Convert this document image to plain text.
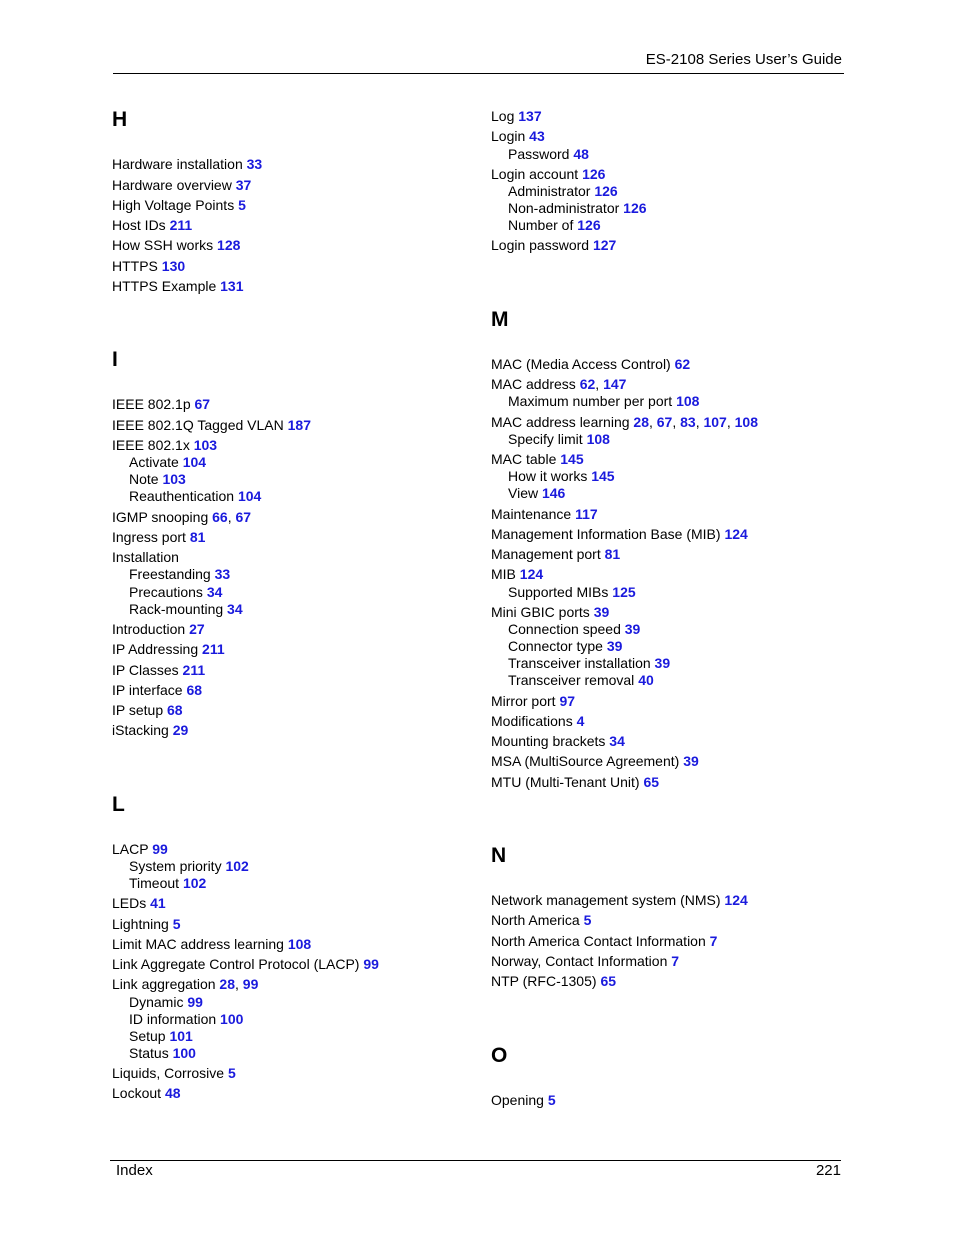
ES-2108 Series User’s Guide
H
Hardware installation 33
Hardware overview 37
High Voltage Points 5
Host IDs 211
How SSH works 128
HTTPS 130
HTTPS Example 131
I
IEEE 802.1p 67
IEEE 802.1Q Tagged VLAN 187
IEEE 802.1x 103
Activate 104
Note 103
Reauthentication 104
IGMP snooping 66, 67
Ingress port 81
Installation
Freestanding 33
Precautions 34
Rack-mounting 34
Introduction 27
IP Addressing 211
IP Classes 211
IP interface 68
IP setup 68
iStacking 29
L
LACP 99
System priority 102
Timeout 102
LEDs 41
Lightning 5
Limit MAC address learning 108
Link Aggregate Control Protocol (LACP) 99
Link aggregation 28, 99
Dynamic 99
ID information 100
Setup 101
Status 100
Liquids, Corrosive 5
Lockout 48
Log 137
Login 43
Password 48
Login account 126
Administrator 126
Non-administrator 126
Number of 126
Login password 127
M
MAC (Media Access Control) 62
MAC address 62, 147
Maximum number per port 108
MAC address learning 28, 67, 83, 107, 108
Specify limit 108
MAC table 145
How it works 145
View 146
Maintenance 117
Management Information Base (MIB) 124
Management port 81
MIB 124
Supported MIBs 125
Mini GBIC ports 39
Connection speed 39
Connector type 39
Transceiver installation 39
Transceiver removal 40
Mirror port 97
Modifications 4
Mounting brackets 34
MSA (MultiSource Agreement) 39
MTU (Multi-Tenant Unit) 65
N
Network management system (NMS) 124
North America 5
North America Contact Information 7
Norway, Contact Information 7
NTP (RFC-1305) 65
O
Opening 5
Index	221
